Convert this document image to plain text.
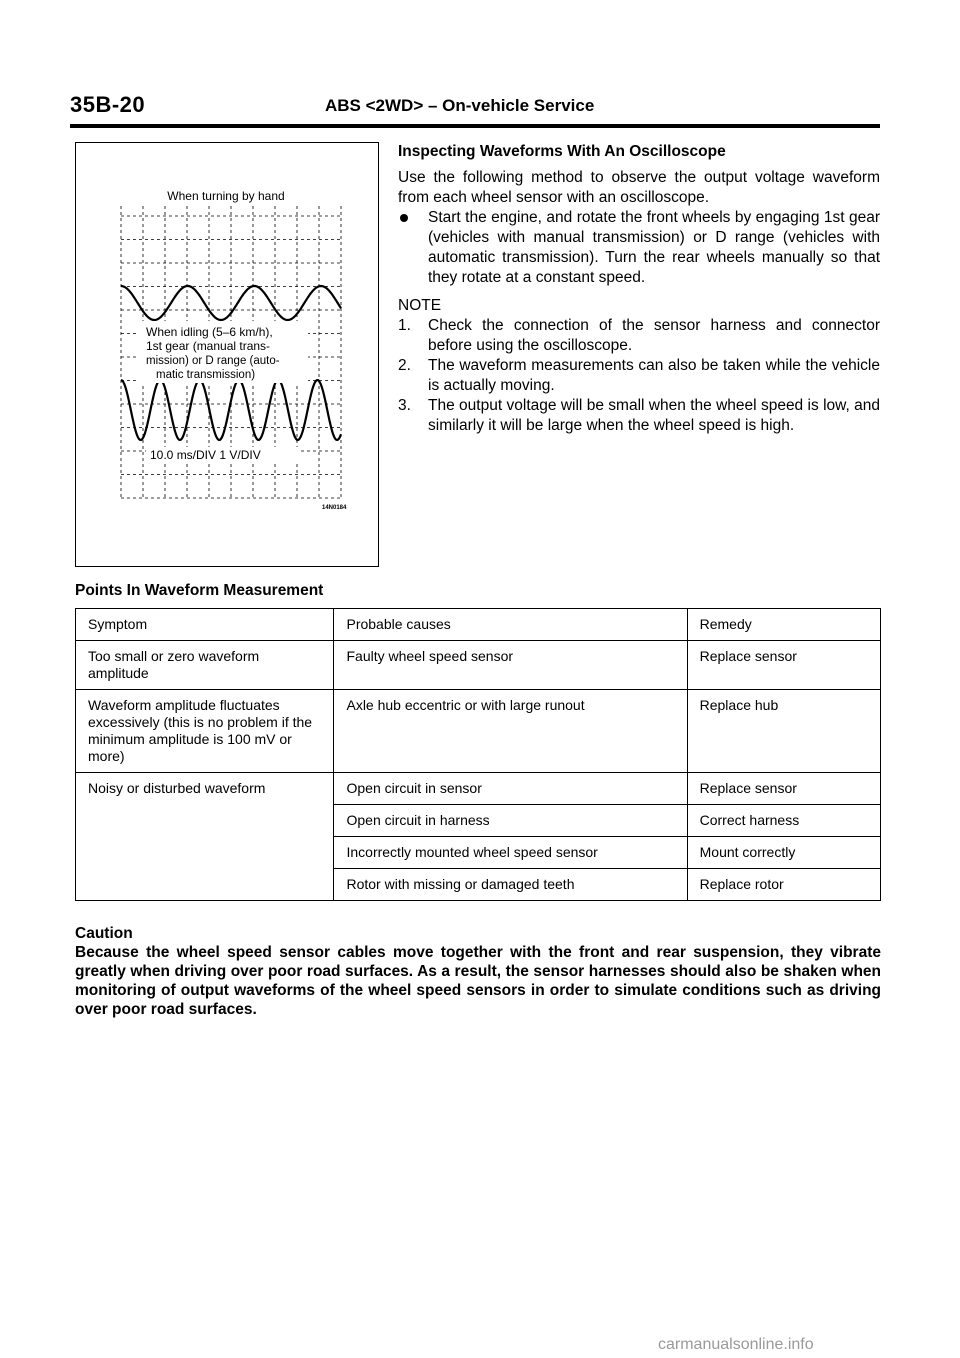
35B-20	ABS <2WD> – On-vehicle Service
When turning by hand
When idling (5–6 km/h),
1st gear (manual trans-
mission) or D range (auto-
matic transmission)
10.0 ms/DIV 1 V/DIV
14N0184
Inspecting Waveforms With An Oscilloscope

Use the following method to observe the output voltage waveform from each wheel sensor with an oscilloscope.

Start the engine, and rotate the front wheels by engaging 1st gear (vehicles with manual transmission) or D range (vehicles with automatic transmission). Turn the rear wheels manually so that they rotate at a constant speed.
NOTE
1. Check the connection of the sensor harness and connector before using the oscilloscope.
2. The waveform measurements can also be taken while the vehicle is actually moving.
3. The output voltage will be small when the wheel speed is low, and similarly it will be large when the wheel speed is high.
Points In Waveform Measurement
Symptom	Probable causes	Remedy
Too small or zero waveform amplitude	Faulty wheel speed sensor	Replace sensor
Waveform amplitude fluctuates excessively (this is no problem if the minimum amplitude is 100 mV or more)	Axle hub eccentric or with large runout	Replace hub
Noisy or disturbed waveform	Open circuit in sensor	Replace sensor
	Open circuit in harness	Correct harness
	Incorrectly mounted wheel speed sensor	Mount correctly
	Rotor with missing or damaged teeth	Replace rotor
Caution
Because the wheel speed sensor cables move together with the front and rear suspension, they vibrate greatly when driving over poor road surfaces. As a result, the sensor harnesses should also be shaken when monitoring of output waveforms of the wheel speed sensors in order to simulate conditions such as driving over poor road surfaces.
carmanualsonline.info
